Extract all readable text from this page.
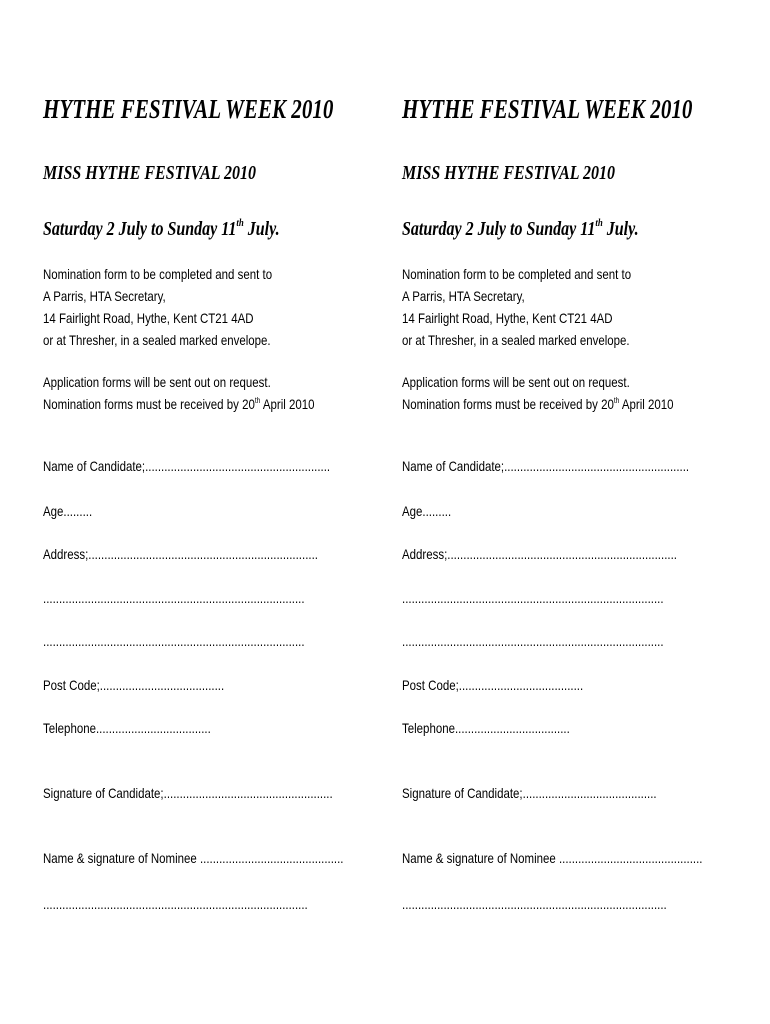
HYTHE FESTIVAL WEEK 2010
MISS HYTHE FESTIVAL 2010
Saturday 2 July to Sunday 11th July.
Nomination form to be completed and sent to
A Parris, HTA Secretary,
14 Fairlight Road, Hythe, Kent CT21 4AD
or at Thresher, in a sealed marked envelope.
Application forms will be sent out on request.
Nomination forms must be received by 20th April 2010
Name of Candidate;..........................................................
Age.........
Address;........................................................................
..................................................................................
..................................................................................
Post Code;.......................................
Telephone....................................
Signature of Candidate;.....................................................
Name & signature of Nominee .............................................
...................................................................................
HYTHE FESTIVAL WEEK 2010
MISS HYTHE FESTIVAL 2010
Saturday 2 July to Sunday 11th July.
Nomination form to be completed and sent to
A Parris, HTA Secretary,
14 Fairlight Road, Hythe, Kent CT21 4AD
or at Thresher, in a sealed marked envelope.
Application forms will be sent out on request.
Nomination forms must be received by 20th April 2010
Name of Candidate;..........................................................
Age.........
Address;........................................................................
..................................................................................
..................................................................................
Post Code;.......................................
Telephone....................................
Signature of Candidate;..........................................
Name & signature of Nominee .............................................
...................................................................................
